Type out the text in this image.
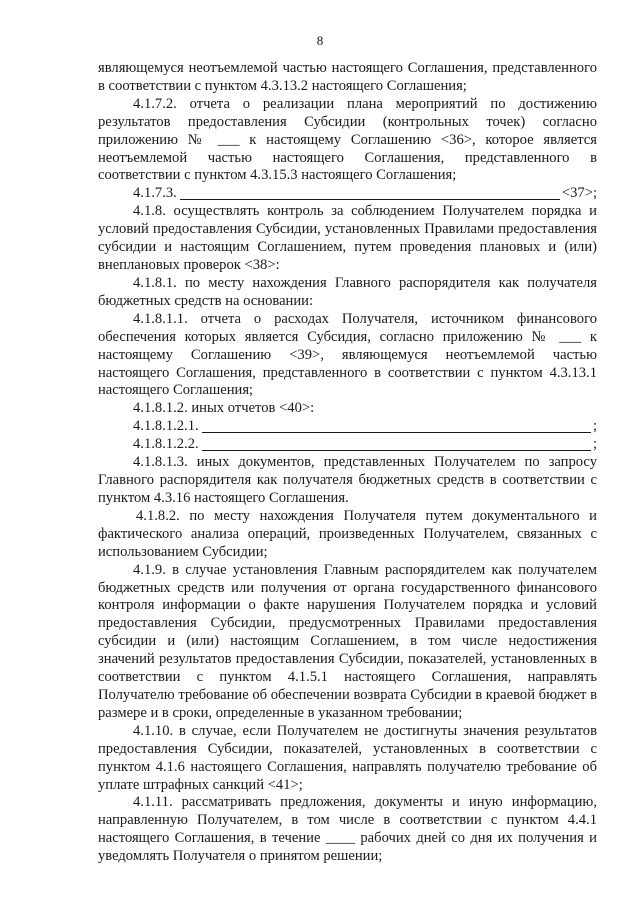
8

являющемуся неотъемлемой частью настоящего Соглашения, представленного в соответствии с пунктом 4.3.13.2 настоящего Соглашения;

4.1.7.2. отчета о реализации плана мероприятий по достижению результатов предоставления Субсидии (контрольных точек) согласно приложению № ___ к настоящему Соглашению <36>, которое является неотъемлемой частью настоящего Соглашения, представленного в соответствии с пунктом 4.3.15.3 настоящего Соглашения;

4.1.7.3.	<37>;

4.1.8. осуществлять контроль за соблюдением Получателем порядка и условий предоставления Субсидии, установленных Правилами предоставления субсидии и настоящим Соглашением, путем проведения плановых и (или) внеплановых проверок <38>:

4.1.8.1. по месту нахождения Главного распорядителя как получателя бюджетных средств на основании:

4.1.8.1.1. отчета о расходах Получателя, источником финансового обеспечения которых является Субсидия, согласно приложению № ___ к настоящему Соглашению <39>, являющемуся неотъемлемой частью настоящего Соглашения, представленного в соответствии с пунктом 4.3.13.1 настоящего Соглашения;

4.1.8.1.2. иных отчетов <40>:

4.1.8.1.2.1.	;
4.1.8.1.2.2.	;

4.1.8.1.3. иных документов, представленных Получателем по запросу Главного распорядителя как получателя бюджетных средств в соответствии с пунктом 4.3.16 настоящего Соглашения.

4.1.8.2. по месту нахождения Получателя путем документального и фактического анализа операций, произведенных Получателем, связанных с использованием Субсидии;

4.1.9. в случае установления Главным распорядителем как получателем бюджетных средств или получения от органа государственного финансового контроля информации о факте нарушения Получателем порядка и условий предоставления Субсидии, предусмотренных Правилами предоставления субсидии и (или) настоящим Соглашением, в том числе недостижения значений результатов предоставления Субсидии, показателей, установленных в соответствии с пунктом 4.1.5.1 настоящего Соглашения, направлять Получателю требование об обеспечении возврата Субсидии в краевой бюджет в размере и в сроки, определенные в указанном требовании;

4.1.10. в случае, если Получателем не достигнуты значения результатов предоставления Субсидии, показателей, установленных в соответствии с пунктом 4.1.6 настоящего Соглашения, направлять получателю требование об уплате штрафных санкций <41>;

4.1.11. рассматривать предложения, документы и иную информацию, направленную Получателем, в том числе в соответствии с пунктом 4.4.1 настоящего Соглашения, в течение ____ рабочих дней со дня их получения и уведомлять Получателя о принятом решении;
